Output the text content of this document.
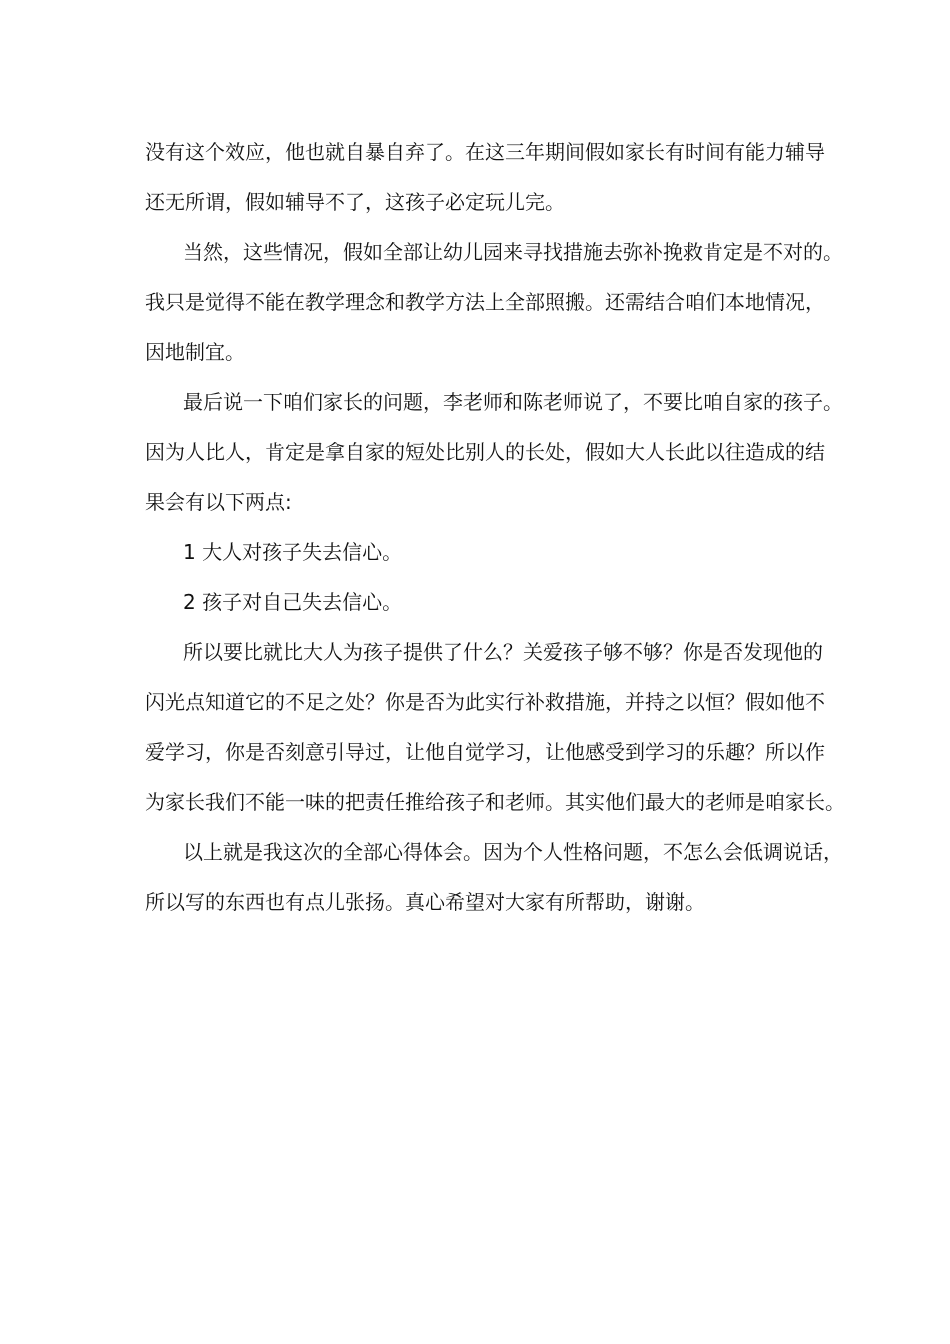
没有这个效应，他也就自暴自弃了。在这三年期间假如家长有时间有能力辅导
还无所谓，假如辅导不了，这孩子必定玩儿完。
当然，这些情况，假如全部让幼儿园来寻找措施去弥补挽救肯定是不对的。
我只是觉得不能在教学理念和教学方法上全部照搬。还需结合咱们本地情况，
因地制宜。
最后说一下咱们家长的问题，李老师和陈老师说了，不要比咱自家的孩子。
因为人比人，肯定是拿自家的短处比别人的长处，假如大人长此以往造成的结
果会有以下两点:
1 大人对孩子失去信心。
2 孩子对自己失去信心。
所以要比就比大人为孩子提供了什么？关爱孩子够不够？你是否发现他的
闪光点知道它的不足之处？你是否为此实行补救措施，并持之以恒？假如他不
爱学习，你是否刻意引导过，让他自觉学习，让他感受到学习的乐趣？所以作
为家长我们不能一味的把责任推给孩子和老师。其实他们最大的老师是咱家长。
以上就是我这次的全部心得体会。因为个人性格问题，不怎么会低调说话，
所以写的东西也有点儿张扬。真心希望对大家有所帮助，谢谢。
